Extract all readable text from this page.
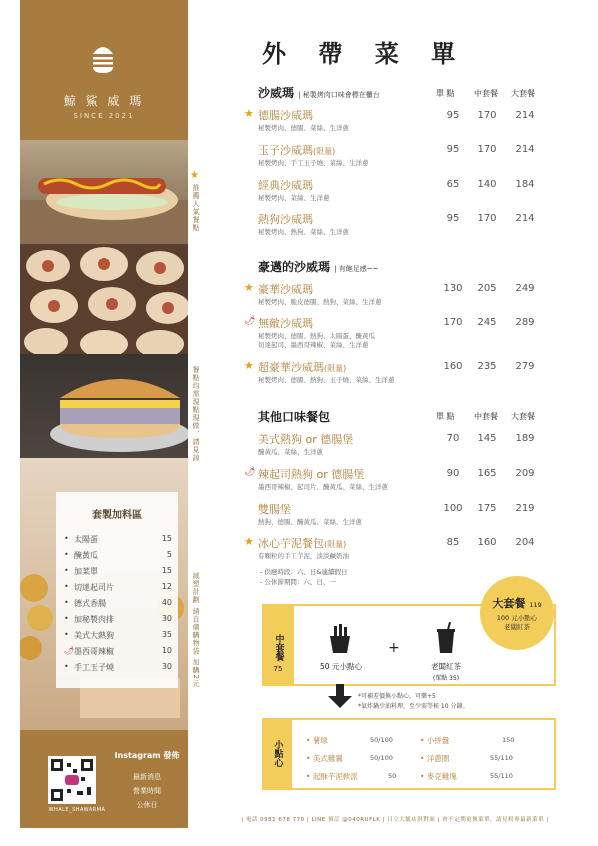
鯨 鯊 威 瑪
SINCE 2021
套製加料區
• 太陽蛋	15
• 醃黃瓜	5
• 加菜單	15
• 切達起司片	12
• 德式香腸	40
• 加秘製肉排	30
• 美式大熱狗	35
🌶 墨西哥辣椒	10
• 手工玉子燒	30
WHALE_SHAWARMA
Instagram 發佈
最新消息
營業時間
公休日
★
推薦人氣餐點
餐點均需現點現做，請見諒
減塑計劃 請自備購物袋 加購2元
外 帶 菜 單
沙威瑪 | 秘製烤肉口味會標在櫃台	單 點 中套餐 大套餐
★ 德腸沙威瑪
秘製烤肉、德腸、菜絲、生洋蔥
95	170	214
玉子沙威瑪(限量)
秘製烤肉、手工玉子燒、菜絲、生洋蔥
95	170	214
經典沙威瑪
秘製烤肉、菜絲、生洋蔥
65	140	184
熱狗沙威瑪
秘製烤肉、熱狗、菜絲、生洋蔥
95	170	214
豪邁的沙威瑪 | 有飽足感~~
★ 豪華沙威瑪
秘製烤肉、脆皮德腸、熱狗、菜絲、生洋蔥
130	205	249
🌶 無敵沙威瑪
秘製烤肉、德腸、熱狗、太陽蛋、醃黃瓜
切達起司、墨西哥辣椒、菜絲、生洋蔥
170	245	289
★ 超豪華沙威瑪(限量)
秘製烤肉、德腸、熱狗、玉子燒、菜絲、生洋蔥
160	235	279
其他口味餐包	單 點 中套餐 大套餐
美式熱狗 or 德腸堡
醃黃瓜、菜絲、生洋蔥
70	145	189
🌶 辣起司熱狗 or 德腸堡
墨西哥辣椒、起司片、醃黃瓜、菜絲、生洋蔥
90	165	209
雙腸堡
熱狗、德腸、醃黃瓜、菜絲、生洋蔥
100	175	219
★ 冰心芋泥餐包(限量)
有顆粒的手工芋泥，淡淡鹹奶油
85	160	204
- 供應時段：六、日&連續假日
- 公休節期間：六、日、一
中套餐
75	50 元小點心
+
老闆紅茶
(單點 35)
大套餐 119
100 元小點心
老闆紅茶
*可補差價換小點心，可樂+5
*氣炸鍋少油料理，至少需等候 10 分鐘。
小點心	• 薯球	50/100	• 小拼盤	150
• 美式雞翼	50/100	• 洋蔥圈	55/110
• 起酥芋泥軟派	50	• 麥克雞塊	55/110
| 電話 0981 678 770 | LINE 預訂 @040RUFLK | 日立大飯店斜對面 | 會不定期更換菜單，請見粉專最新菜單 |
